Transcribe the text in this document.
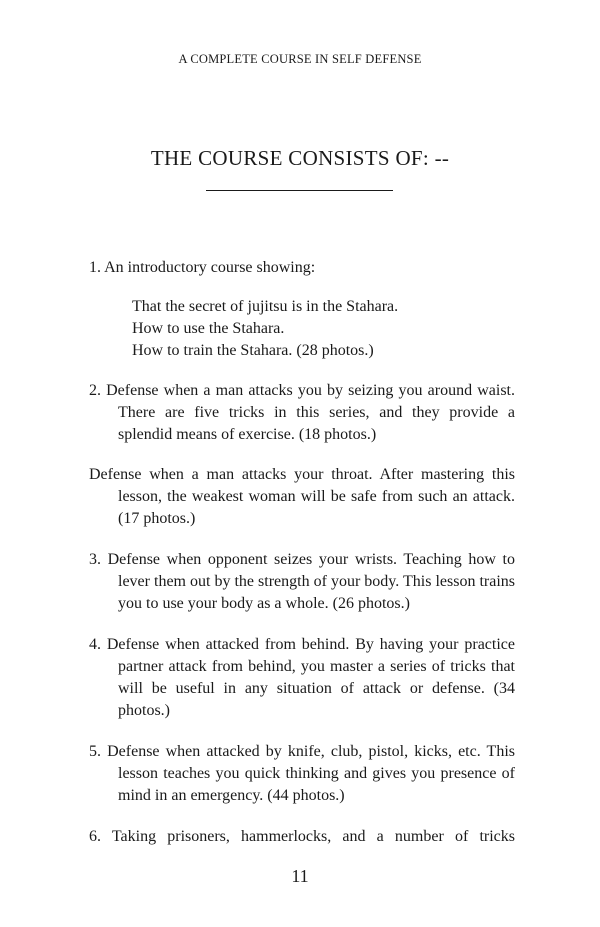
A COMPLETE COURSE IN SELF DEFENSE
THE COURSE CONSISTS OF: --

1. An introductory course showing:

That the secret of jujitsu is in the Stahara.
How to use the Stahara.
How to train the Stahara. (28 photos.)

2. Defense when a man attacks you by seizing you around waist. There are five tricks in this series, and they provide a splendid means of exercise. (18 photos.)

Defense when a man attacks your throat. After mastering this lesson, the weakest woman will be safe from such an attack. (17 photos.)

3. Defense when opponent seizes your wrists. Teaching how to lever them out by the strength of your body. This lesson trains you to use your body as a whole. (26 photos.)

4. Defense when attacked from behind. By having your practice partner attack from behind, you master a series of tricks that will be useful in any situation of attack or defense. (34 photos.)

5. Defense when attacked by knife, club, pistol, kicks, etc. This lesson teaches you quick thinking and gives you presence of mind in an emergency. (44 photos.)

6. Taking prisoners, hammerlocks, and a number of tricks

11
